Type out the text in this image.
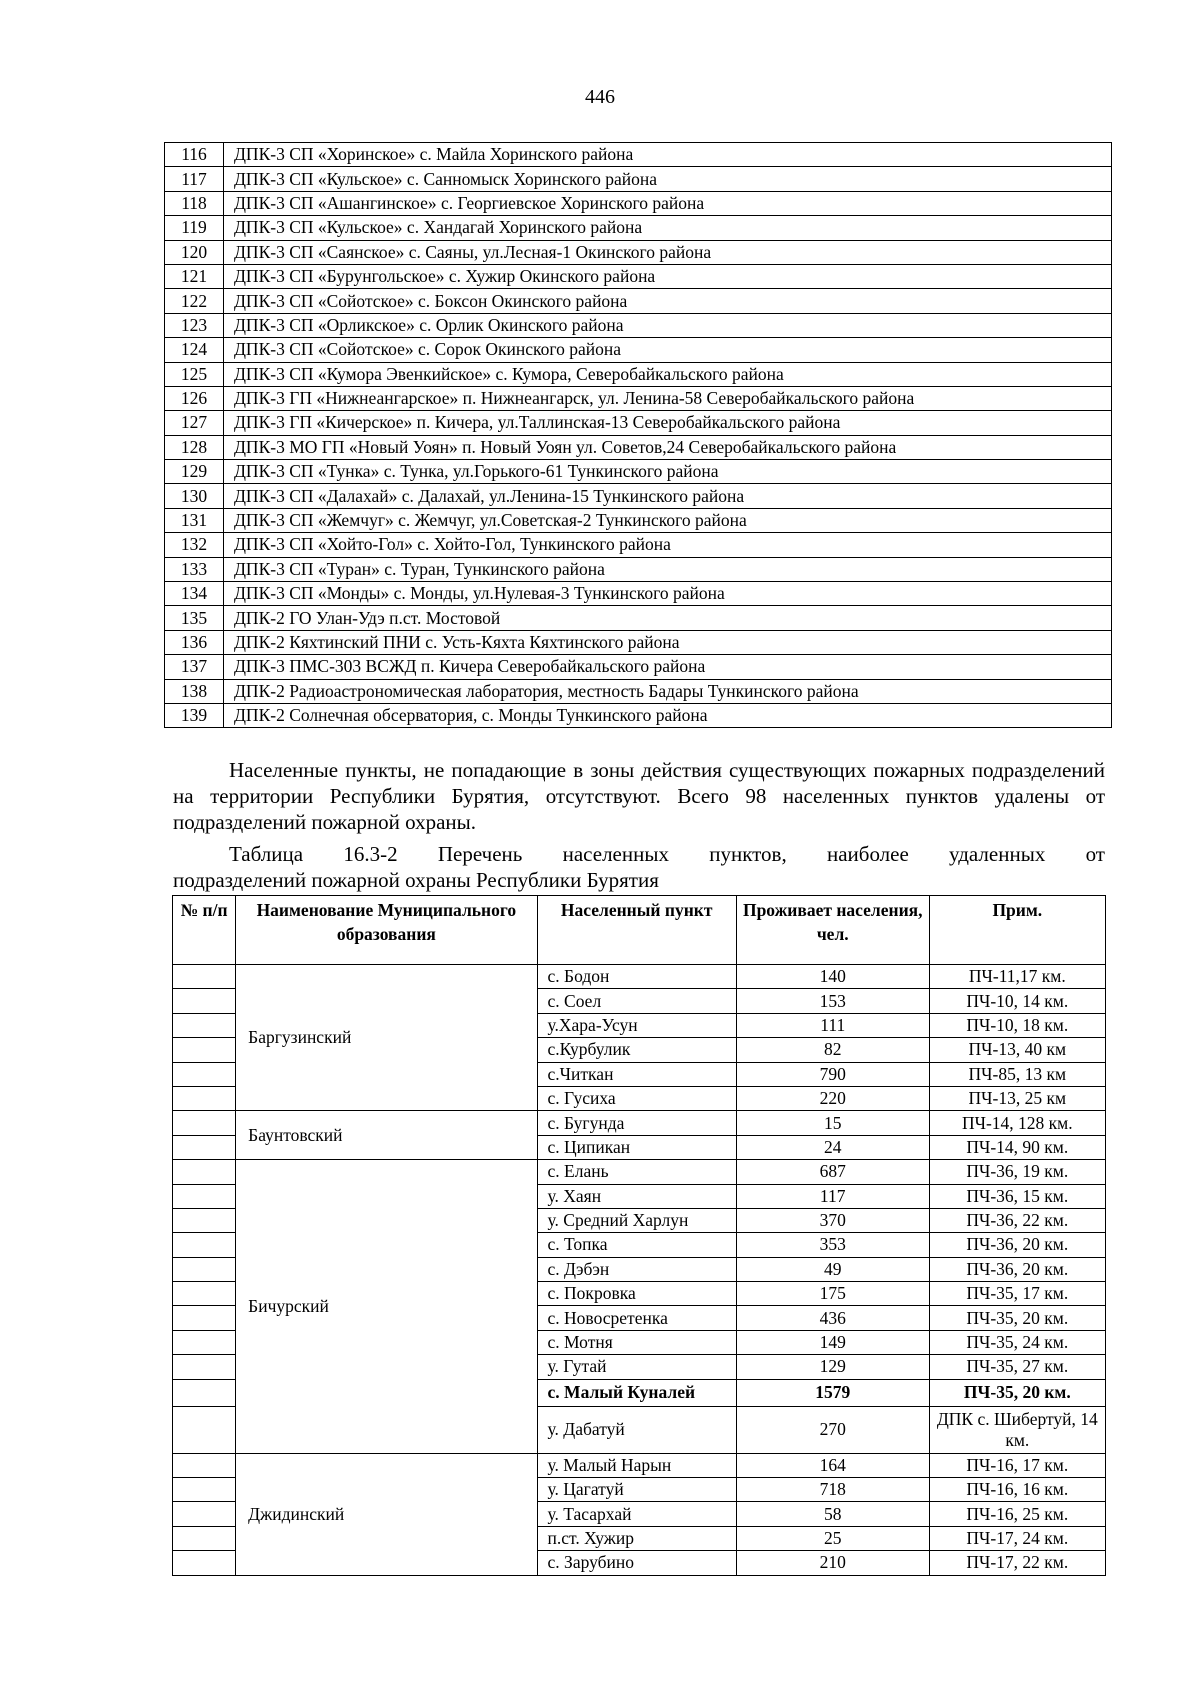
446
116	ДПК-3 СП «Хоринское» с. Майла Хоринского района
117	ДПК-3 СП «Кульское» с. Санномыск Хоринского района
118	ДПК-3 СП «Ашангинское» с. Георгиевское Хоринского района
119	ДПК-3 СП «Кульское» с. Хандагай Хоринского района
120	ДПК-3 СП «Саянское» с. Саяны, ул.Лесная-1 Окинского района
121	ДПК-3 СП «Бурунгольское» с. Хужир Окинского района
122	ДПК-3 СП «Сойотское» с. Боксон Окинского района
123	ДПК-3 СП «Орликское» с. Орлик Окинского района
124	ДПК-3 СП «Сойотское» с. Сорок Окинского района
125	ДПК-3 СП «Кумора Эвенкийское» с. Кумора, Северобайкальского района
126	ДПК-3 ГП «Нижнеангарское» п. Нижнеангарск, ул. Ленина-58 Северобайкальского района
127	ДПК-3 ГП «Кичерское» п. Кичера, ул.Таллинская-13 Северобайкальского района
128	ДПК-3 МО ГП «Новый Уоян» п. Новый Уоян ул. Советов,24 Северобайкальского района
129	ДПК-3 СП «Тунка» с. Тунка, ул.Горького-61 Тункинского района
130	ДПК-3 СП «Далахай» с. Далахай, ул.Ленина-15 Тункинского района
131	ДПК-3 СП «Жемчуг» с. Жемчуг, ул.Советская-2 Тункинского района
132	ДПК-3 СП «Хойто-Гол» с. Хойто-Гол, Тункинского района
133	ДПК-3 СП «Туран» с. Туран, Тункинского района
134	ДПК-3 СП «Монды» с. Монды, ул.Нулевая-3 Тункинского района
135	ДПК-2 ГО Улан-Удэ п.ст. Мостовой
136	ДПК-2 Кяхтинский ПНИ с. Усть-Кяхта Кяхтинского района
137	ДПК-3 ПМС-303 ВСЖД п. Кичера Северобайкальского района
138	ДПК-2 Радиоастрономическая лаборатория, местность Бадары Тункинского района
139	ДПК-2 Солнечная обсерватория, с. Монды Тункинского района
Населенные пункты, не попадающие в зоны действия существующих пожарных подразделений на территории Республики Бурятия, отсутствуют. Всего 98 населенных пунктов удалены от подразделений пожарной охраны.
Таблица 16.3-2 Перечень населенных пунктов, наиболее удаленных от
подразделений пожарной охраны Республики Бурятия
№ п/п	Наименование Муниципального образования	Населенный пункт	Проживает населения, чел.	Прим.
	Баргузинский	с. Бодон	140	ПЧ-11,17 км.
		с. Соел	153	ПЧ-10, 14 км.
		у.Хара-Усун	111	ПЧ-10, 18 км.
		с.Курбулик	82	ПЧ-13, 40 км
		с.Читкан	790	ПЧ-85, 13 км
		с. Гусиха	220	ПЧ-13, 25 км
	Баунтовский	с. Бугунда	15	ПЧ-14, 128 км.
		с. Ципикан	24	ПЧ-14, 90 км.
	Бичурский	с. Елань	687	ПЧ-36, 19 км.
		у. Хаян	117	ПЧ-36, 15 км.
		у. Средний Харлун	370	ПЧ-36, 22 км.
		с. Топка	353	ПЧ-36, 20 км.
		с. Дэбэн	49	ПЧ-36, 20 км.
		с. Покровка	175	ПЧ-35, 17 км.
		с. Новосретенка	436	ПЧ-35, 20 км.
		с. Мотня	149	ПЧ-35, 24 км.
		у. Гутай	129	ПЧ-35, 27 км.
		с. Малый Куналей	1579	ПЧ-35, 20 км.
		у. Дабатуй	270	ДПК с. Шибертуй, 14 км.
	Джидинский	у. Малый Нарын	164	ПЧ-16, 17 км.
		у. Цагатуй	718	ПЧ-16, 16 км.
		у. Тасархай	58	ПЧ-16, 25 км.
		п.ст. Хужир	25	ПЧ-17, 24 км.
		с. Зарубино	210	ПЧ-17, 22 км.
